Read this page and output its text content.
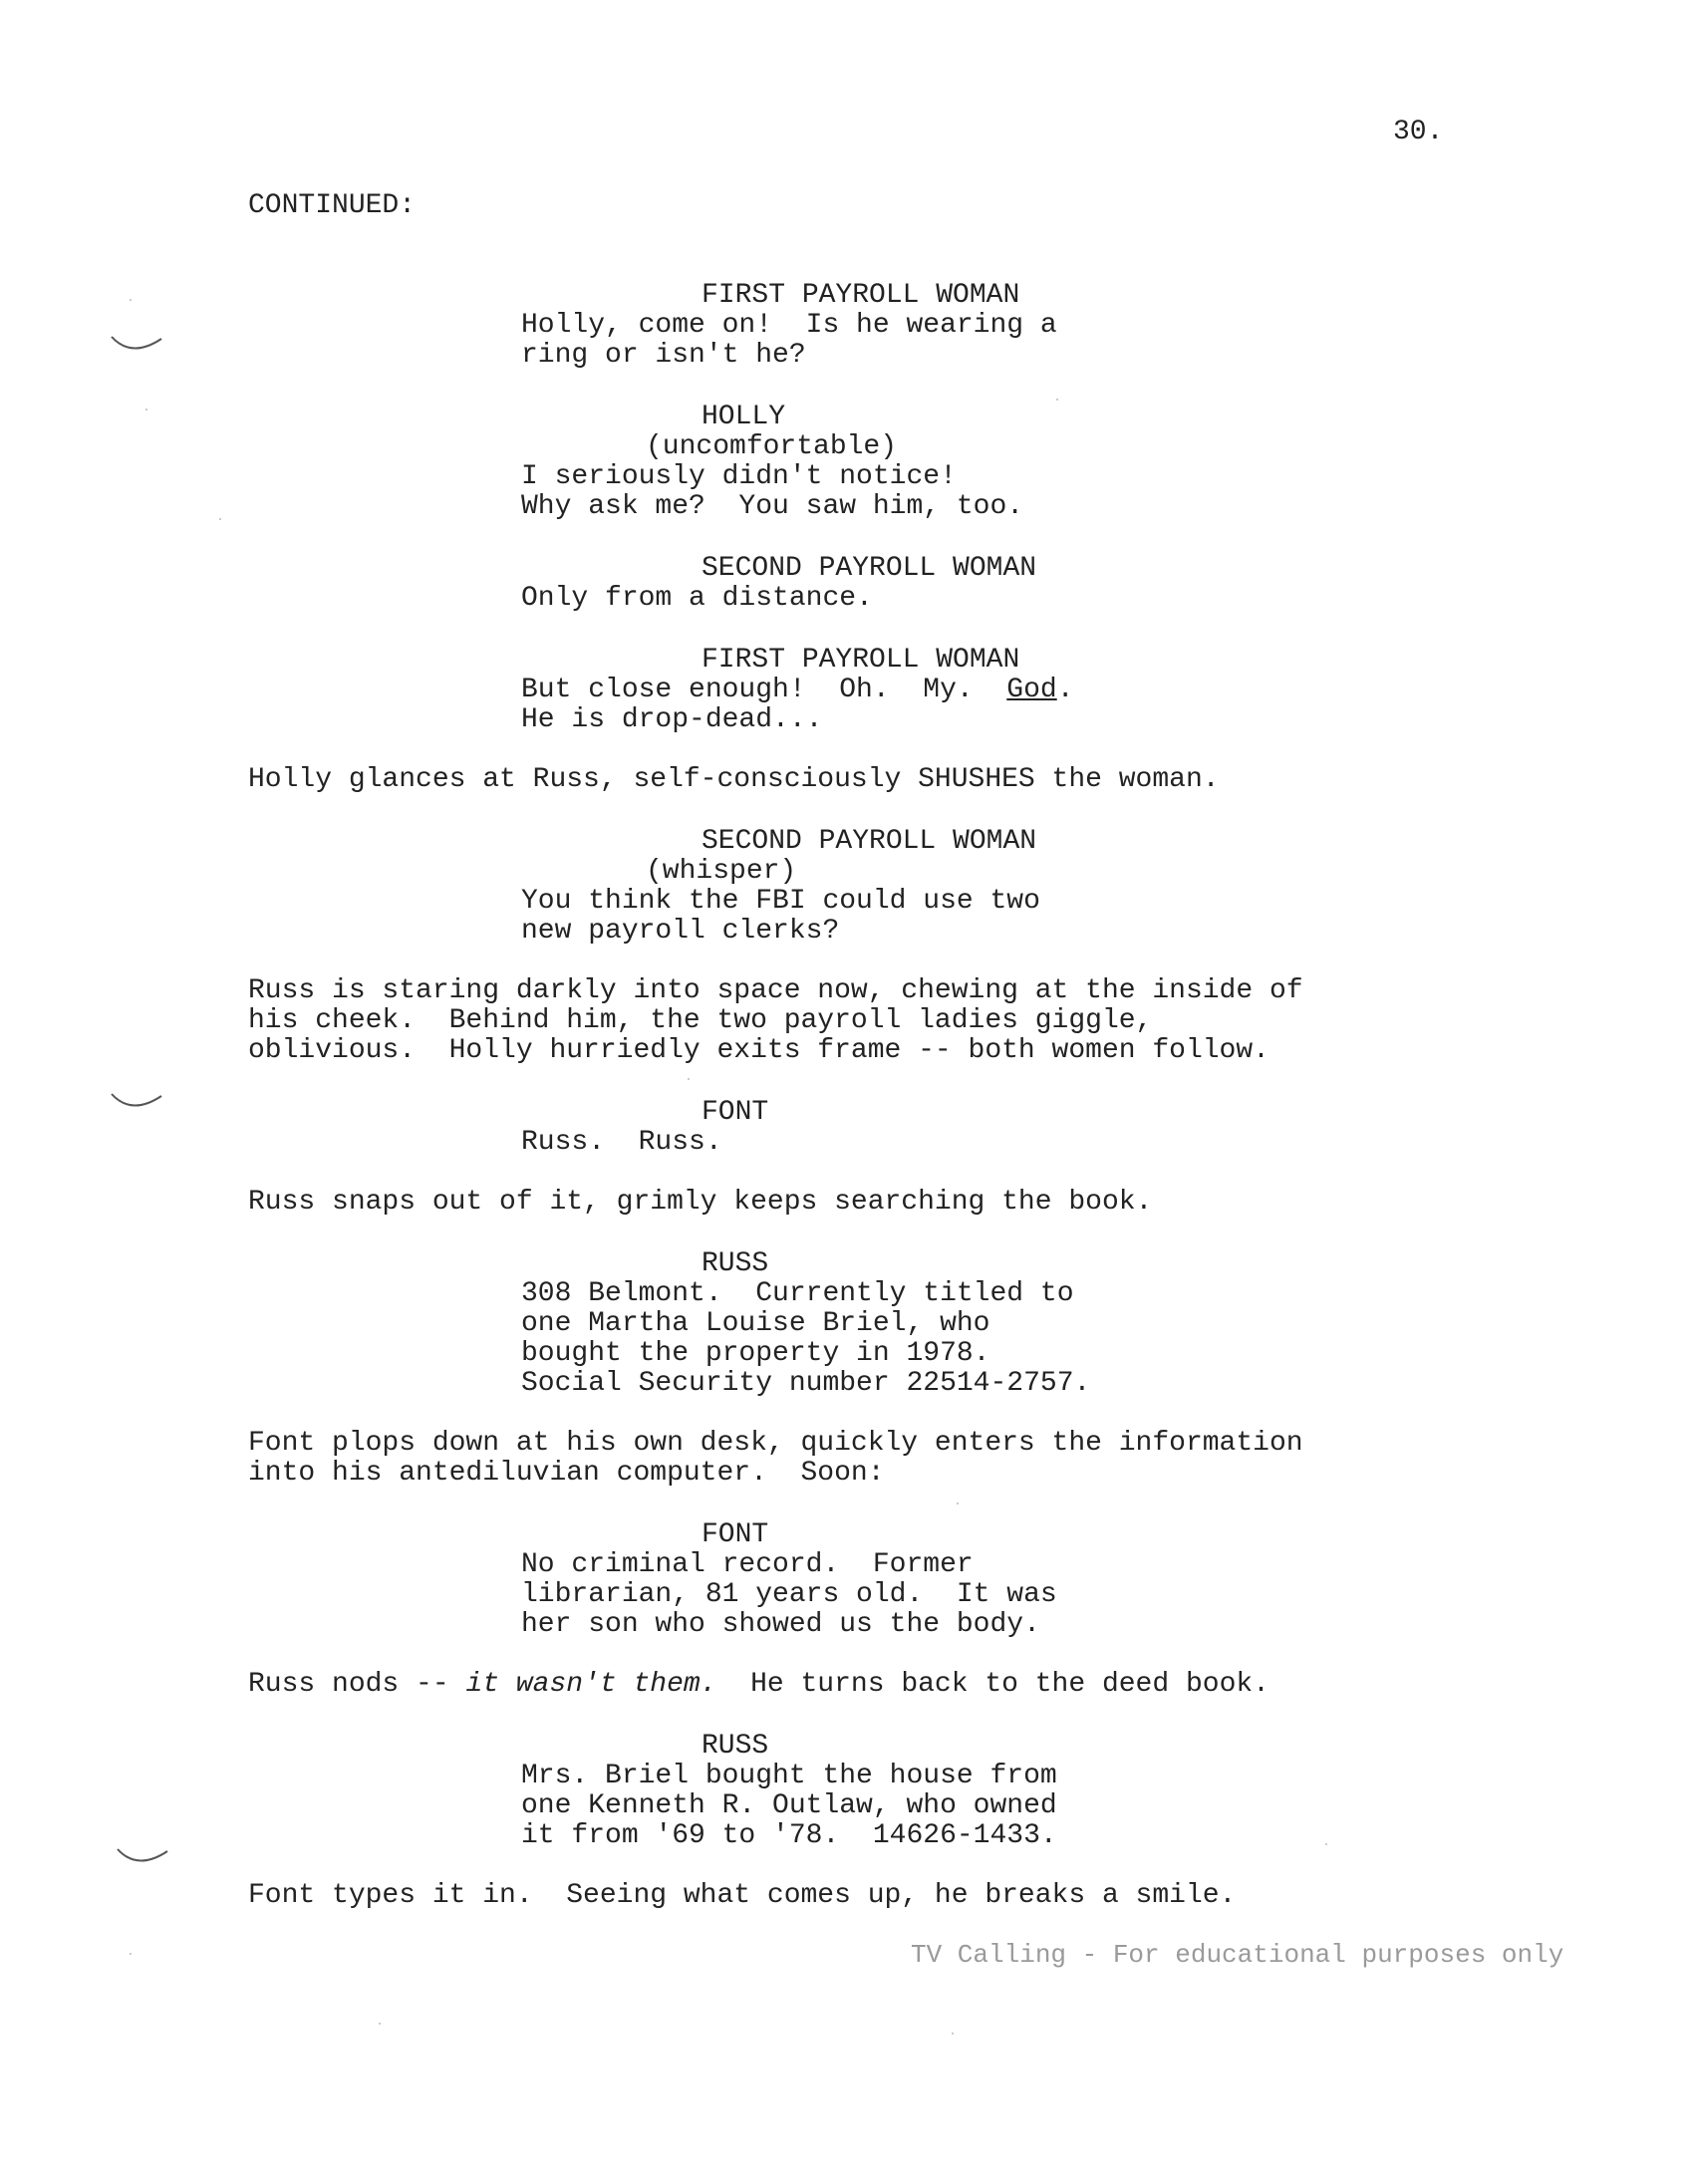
30.
CONTINUED:
FIRST PAYROLL WOMAN
Holly, come on!  Is he wearing a
ring or isn't he?
HOLLY
(uncomfortable)
I seriously didn't notice!
Why ask me?  You saw him, too.
SECOND PAYROLL WOMAN
Only from a distance.
FIRST PAYROLL WOMAN
But close enough!  Oh.  My.  God.
He is drop-dead...
Holly glances at Russ, self-consciously SHUSHES the woman.
SECOND PAYROLL WOMAN
(whisper)
You think the FBI could use two
new payroll clerks?
Russ is staring darkly into space now, chewing at the inside of
his cheek.  Behind him, the two payroll ladies giggle,
oblivious.  Holly hurriedly exits frame -- both women follow.
FONT
Russ.  Russ.
Russ snaps out of it, grimly keeps searching the book.
RUSS
308 Belmont.  Currently titled to
one Martha Louise Briel, who
bought the property in 1978.
Social Security number 22514-2757.
Font plops down at his own desk, quickly enters the information
into his antediluvian computer.  Soon:
FONT
No criminal record.  Former
librarian, 81 years old.  It was
her son who showed us the body.
Russ nods -- it wasn't them.  He turns back to the deed book.
RUSS
Mrs. Briel bought the house from
one Kenneth R. Outlaw, who owned
it from '69 to '78.  14626-1433.
Font types it in.  Seeing what comes up, he breaks a smile.
TV Calling - For educational purposes only
